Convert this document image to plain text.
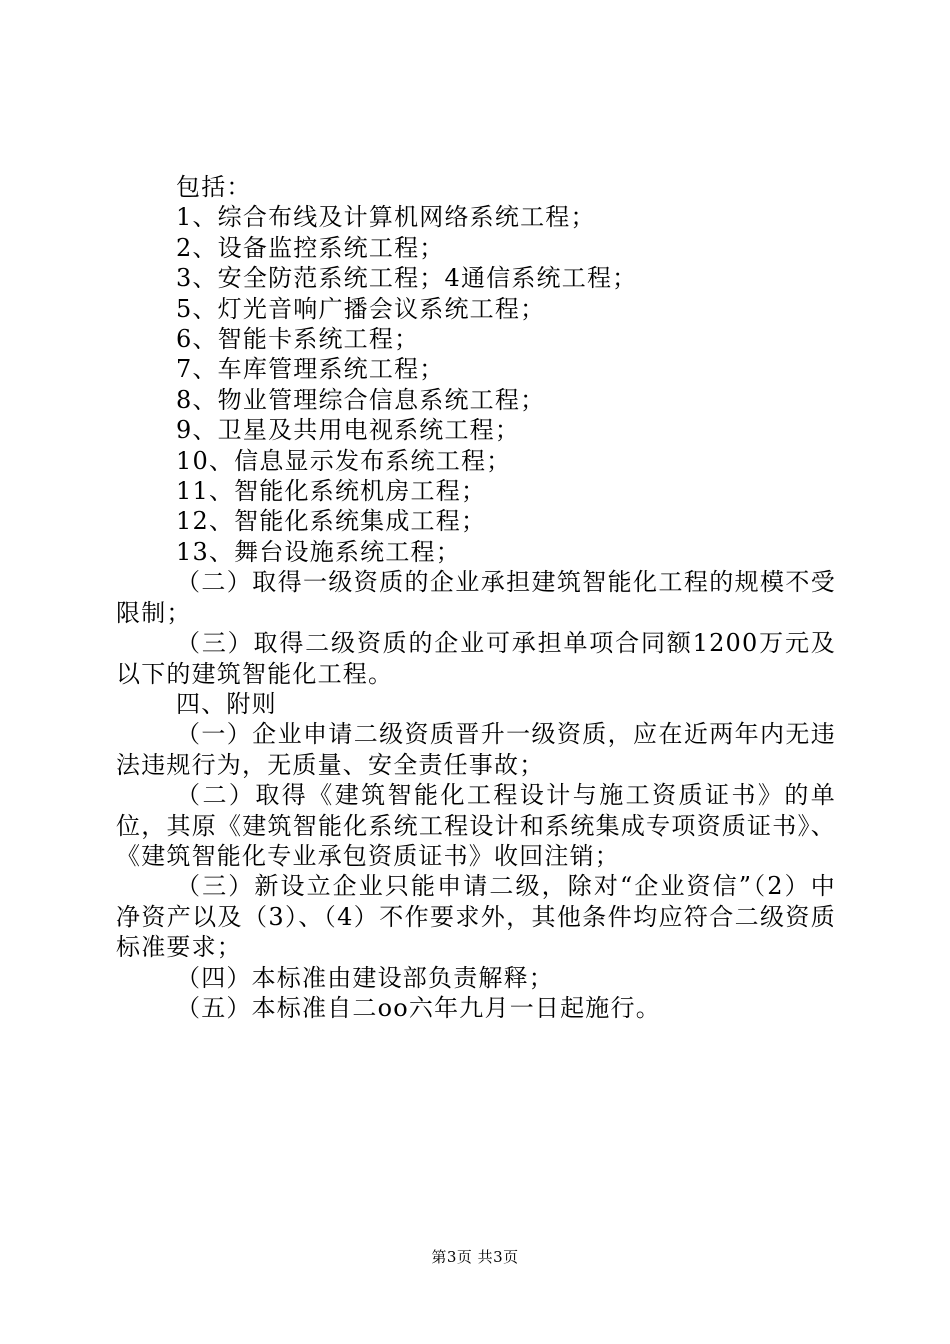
包括：
1、综合布线及计算机网络系统工程；
2、设备监控系统工程；
3、安全防范系统工程；4通信系统工程；
5、灯光音响广播会议系统工程；
6、智能卡系统工程；
7、车库管理系统工程；
8、物业管理综合信息系统工程；
9、卫星及共用电视系统工程；
10、信息显示发布系统工程；
11、智能化系统机房工程；
12、智能化系统集成工程；
13、舞台设施系统工程；
（二）取得一级资质的企业承担建筑智能化工程的规模不受限制；
（三）取得二级资质的企业可承担单项合同额1200万元及以下的建筑智能化工程。
四、附则
（一）企业申请二级资质晋升一级资质，应在近两年内无违法违规行为，无质量、安全责任事故；
（二）取得《建筑智能化工程设计与施工资质证书》的单位，其原《建筑智能化系统工程设计和系统集成专项资质证书》、《建筑智能化专业承包资质证书》收回注销；
（三）新设立企业只能申请二级，除对“企业资信”（2）中净资产以及（3）、（4）不作要求外，其他条件均应符合二级资质标准要求；
（四）本标准由建设部负责解释；
（五）本标准自二oo六年九月一日起施行。
第3页 共3页
